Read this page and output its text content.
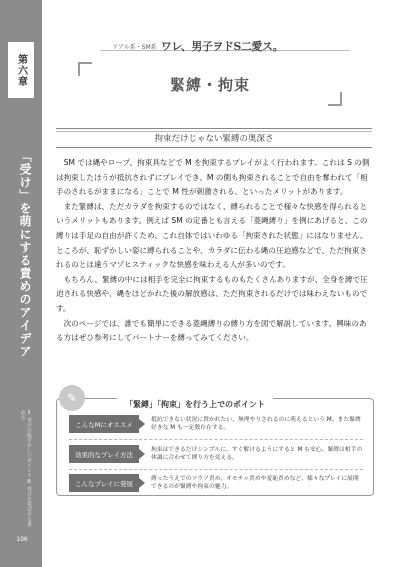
第六章
「受け」を萌にする責めのアイデア
Ⅱ 受けの恥ずかしいポイント Ⅲ 受けを悦ばせる責め方
106
リアル系・SM系 ワレ、男子ヲドS二愛ス。
緊縛・拘束
拘束だけじゃない緊縛の奥深さ

SM では縄やロープ、拘束具などで M を拘束するプレイがよく行われます。これは S の側は拘束したほうが抵抗されずにプレイでき、M の側も拘束されることで自由を奪われて「相手のされるがままになる」ことで M 性が刺激される、といったメリットがあります。

また緊縛は、ただカラダを拘束するのではなく、縛られることで様々な快感を得られるというメリットもあります。例えば SM の定番とも言える「菱縄縛り」を例にあげると、この縛りは手足の自由が許くため、これ自体ではいわゆる「拘束された状態」にはなりません。ところが、恥ずかしい姿に縛られることや、カラダに伝わる縄の圧迫感などで、ただ拘束されるのとは違うマゾヒスティックな快感を味わえる人が多いのです。

もちろん、緊縛の中には相手を完全に拘束するものもたくさんありますが、全身を縛で圧迫される快感や、縄をほどかれた後の解放感は、ただ拘束されるだけでは味わえないものです。

次のページでは、誰でも簡単にできる菱縄縛りの縛り方を図で解説しています。興味のある方はぜひ参考にしてパートナーを縛ってみてください。

✎	「緊縛」「拘束」を行う上でのポイント
こんなMにオススメ
抵抗できない状況に置かれたい、無理やりされるのに萌えるという M。また緊縛好きな M も一定数存在する。
効果的なプレイ方法
拘束はできるだけシンプルに。すぐ解けるようにすると M も安心。緊縛は相手の体調に合わせて縛り方を変える。
こんなプレイに発展
縛ったうえでのソウソ責め、オモチャ責めや羞恥責めなど、様々なプレイに展開できるのが緊縛や拘束の魅力。
